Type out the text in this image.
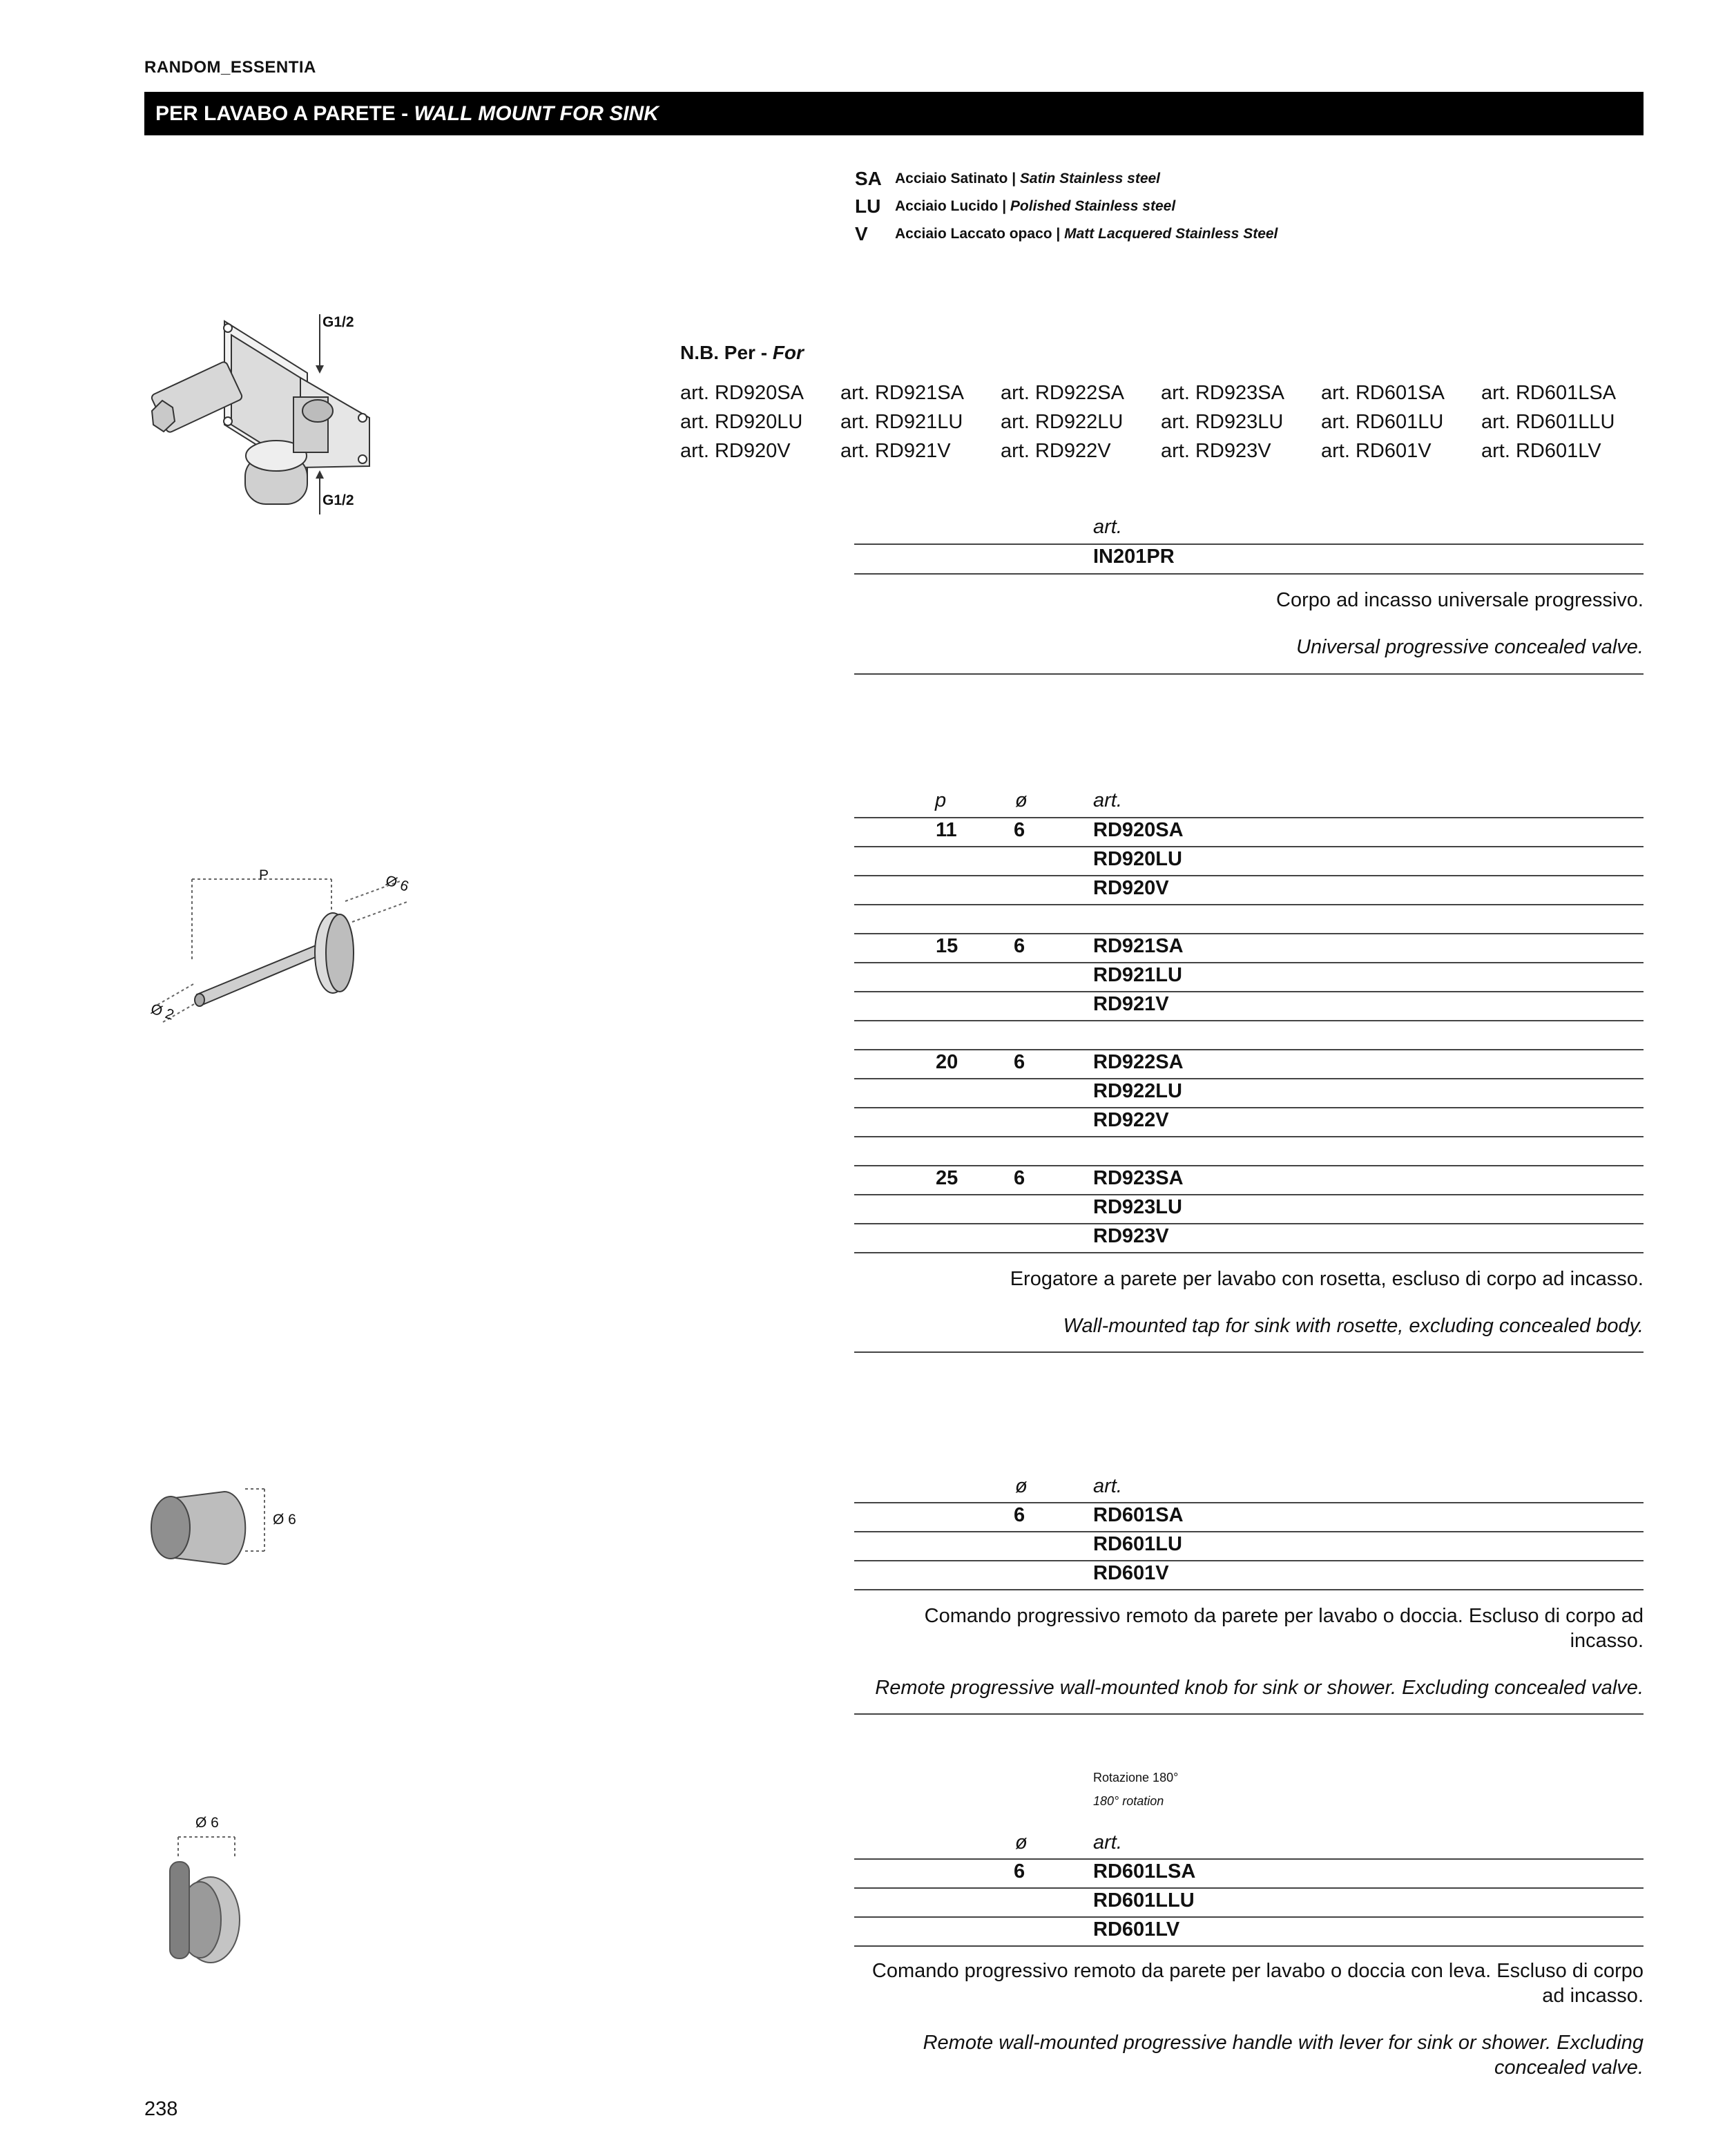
RANDOM_ESSENTIA
PER LAVABO A PARETE - WALL MOUNT FOR SINK
SA Acciaio Satinato | Satin Stainless steel
LU Acciaio Lucido | Polished Stainless steel
V	Acciaio Laccato opaco | Matt Lacquered Stainless Steel
N.B. Per - For
art. RD920SA	art. RD921SA	art. RD922SA	art. RD923SA	art. RD601SA	art. RD601LSA
art. RD920LU	art. RD921LU	art. RD922LU	art. RD923LU	art. RD601LU	art. RD601LLU
art. RD920V	art. RD921V	art. RD922V	art. RD923V	art. RD601V	art. RD601LV
G1/2
G1/2
art.
IN201PR
Corpo ad incasso universale progressivo.
Universal progressive concealed valve.
P	Ø 6
Ø 2
p	ø	art.
11	6	RD920SA
RD920LU
RD920V
15	6	RD921SA
RD921LU
RD921V
20	6	RD922SA
RD922LU
RD922V
25	6	RD923SA
RD923LU
RD923V
Erogatore a parete per lavabo con rosetta, escluso di corpo ad incasso.
Wall-mounted tap for sink with rosette, excluding concealed body.
Ø 6
ø	art.
6	RD601SA
RD601LU
RD601V
Comando progressivo remoto da parete per lavabo o doccia. Escluso di corpo ad incasso.
Remote progressive wall-mounted knob for sink or shower. Excluding concealed valve.
Ø 6
Rotazione 180°
180° rotation
ø	art.
6	RD601LSA
RD601LLU
RD601LV
Comando progressivo remoto da parete per lavabo o doccia con leva. Escluso di corpo ad incasso.
Remote wall-mounted progressive handle with lever for sink or shower. Excluding concealed valve.
238
